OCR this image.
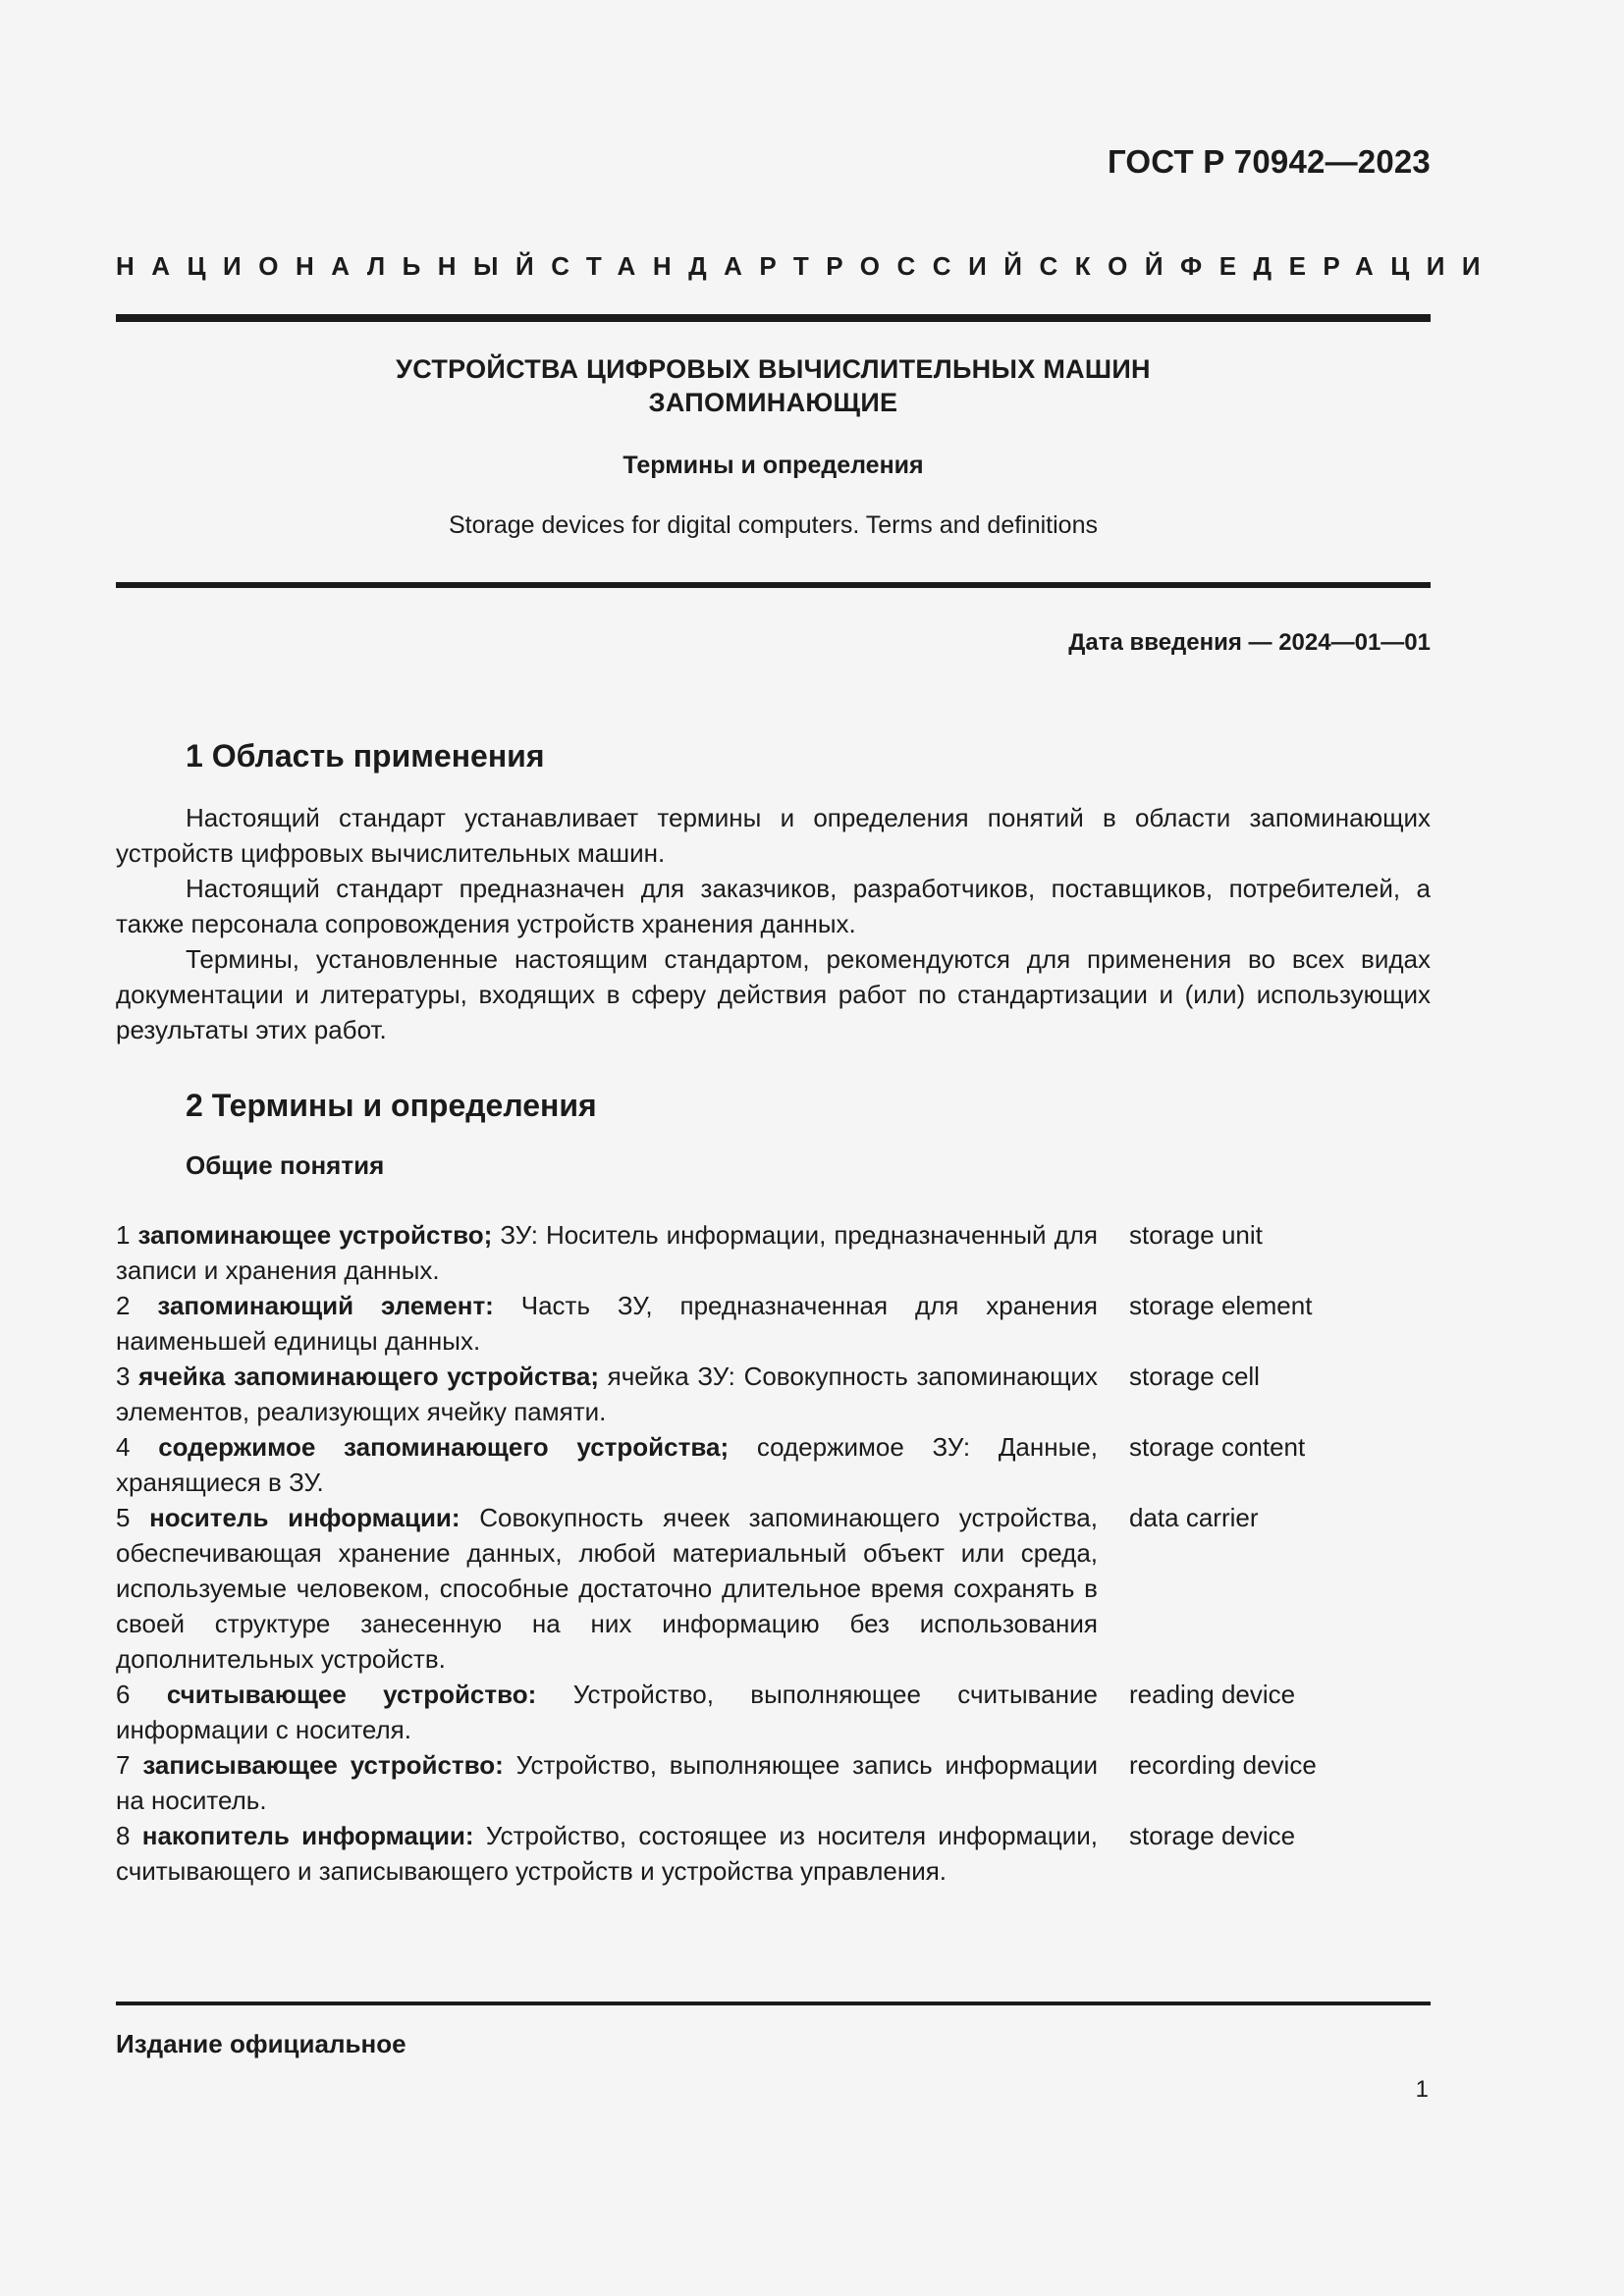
ГОСТ Р 70942—2023
НАЦИОНАЛЬНЫЙ СТАНДАРТ РОССИЙСКОЙ ФЕДЕРАЦИИ
УСТРОЙСТВА ЦИФРОВЫХ ВЫЧИСЛИТЕЛЬНЫХ МАШИН
ЗАПОМИНАЮЩИЕ
Термины и определения
Storage devices for digital computers. Terms and definitions
Дата введения — 2024—01—01
1 Область применения

Настоящий стандарт устанавливает термины и определения понятий в области запоминающих устройств цифровых вычислительных машин.

Настоящий стандарт предназначен для заказчиков, разработчиков, поставщиков, потребителей, а также персонала сопровождения устройств хранения данных.

Термины, установленные настоящим стандартом, рекомендуются для применения во всех видах документации и литературы, входящих в сферу действия работ по стандартизации и (или) использующих результаты этих работ.

2 Термины и определения
Общие понятия
1 запоминающее устройство; ЗУ: Носитель информации, предназначенный для записи и хранения данных.
storage unit
2 запоминающий элемент: Часть ЗУ, предназначенная для хранения наименьшей единицы данных.
storage element
3 ячейка запоминающего устройства; ячейка ЗУ: Совокупность запоминающих элементов, реализующих ячейку памяти.
storage cell
4 содержимое запоминающего устройства; содержимое ЗУ: Данные, хранящиеся в ЗУ.
storage content
5 носитель информации: Совокупность ячеек запоминающего устройства, обеспечивающая хранение данных, любой материальный объект или среда, используемые человеком, способные достаточно длительное время сохранять в своей структуре занесенную на них информацию без использования дополнительных устройств.
data carrier
6 считывающее устройство: Устройство, выполняющее считывание информации с носителя.
reading device
7 записывающее устройство: Устройство, выполняющее запись информации на носитель.
recording device
8 накопитель информации: Устройство, состоящее из носителя информации, считывающего и записывающего устройств и устройства управления.
storage device
Издание официальное
1
